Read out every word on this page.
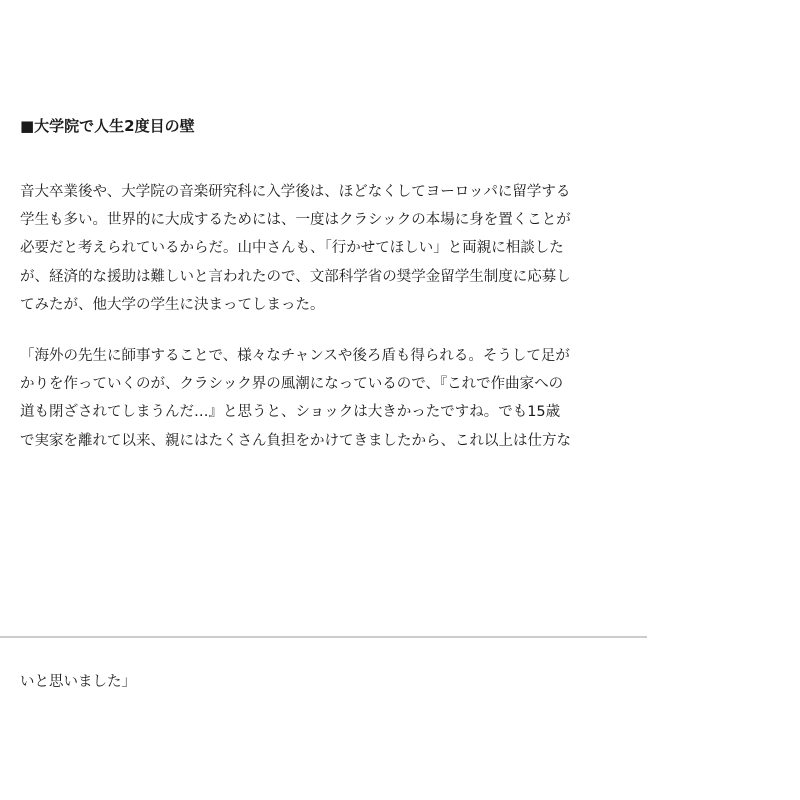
■大学院で人生2度目の壁

音大卒業後や、大学院の音楽研究科に入学後は、ほどなくしてヨーロッパに留学する
学生も多い。世界的に大成するためには、一度はクラシックの本場に身を置くことが
必要だと考えられているからだ。山中さんも、「行かせてほしい」と両親に相談した
が、経済的な援助は難しいと言われたので、文部科学省の奨学金留学生制度に応募し
てみたが、他大学の学生に決まってしまった。

「海外の先生に師事することで、様々なチャンスや後ろ盾も得られる。そうして足が
かりを作っていくのが、クラシック界の風潮になっているので、『これで作曲家への
道も閉ざされてしまうんだ…』と思うと、ショックは大きかったですね。でも15歳
で実家を離れて以来、親にはたくさん負担をかけてきましたから、これ以上は仕方な

いと思いました」
